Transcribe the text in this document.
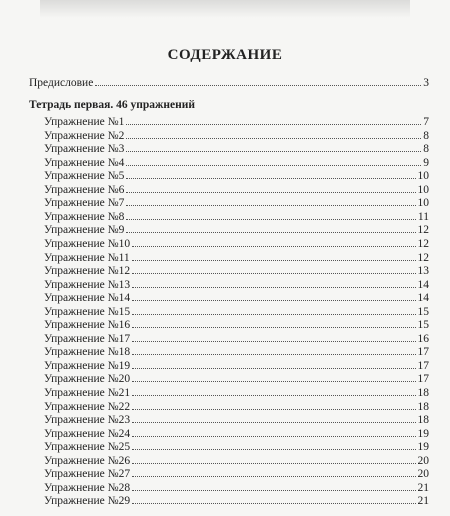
СОДЕРЖАНИЕ
Предисловие	3
Тетрадь первая. 46 упражнений
Упражнение №1	7
Упражнение №2	8
Упражнение №3	8
Упражнение №4	9
Упражнение №5	10
Упражнение №6	10
Упражнение №7	10
Упражнение №8	11
Упражнение №9	12
Упражнение №10	12
Упражнение №11	12
Упражнение №12	13
Упражнение №13	14
Упражнение №14	14
Упражнение №15	15
Упражнение №16	15
Упражнение №17	16
Упражнение №18	17
Упражнение №19	17
Упражнение №20	17
Упражнение №21	18
Упражнение №22	18
Упражнение №23	18
Упражнение №24	19
Упражнение №25	19
Упражнение №26	20
Упражнение №27	20
Упражнение №28	21
Упражнение №29	21
